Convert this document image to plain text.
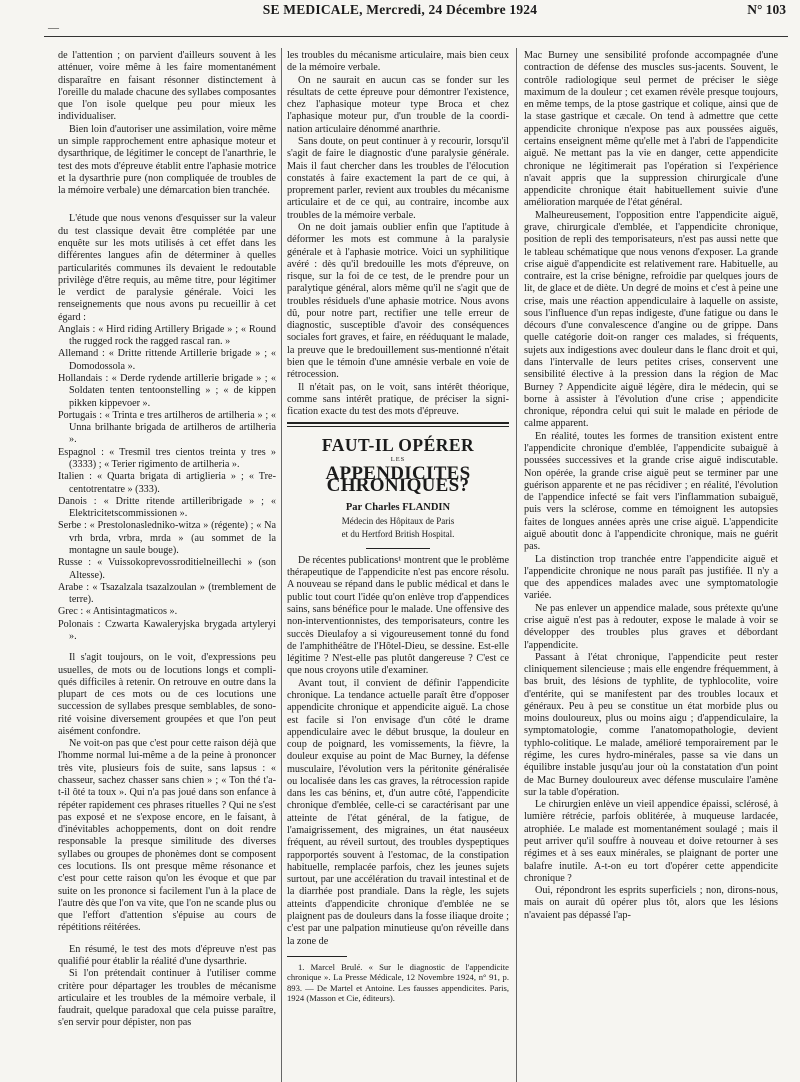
—
SE MEDICALE, Mercredi, 24 Décembre 1924	N° 103

de l'attention ; on parvient d'ailleurs souvent à les atténuer, voire même à les faire momentanément disparaître en faisant résonner distinctement à l'oreille du malade chacune des syllabes composantes que l'on isole quelque peu pour mieux les individualiser.

Bien loin d'autoriser une assimilation, voire même un simple rapprochement entre aphasique moteur et dysarthrique, de légitimer le concept de l'anarthrie, le test des mots d'épreuve établit entre l'aphasie motrice et la dysarthrie pure (non compliquée de troubles de la mémoire verbale) une démarcation bien tranchée.

L'étude que nous venons d'esquisser sur la valeur du test classique devait être complétée par une enquête sur les mots utilisés à cet effet dans les différentes langues afin de déterminer à quelles particularités communes ils devaient le redoutable privilège d'être requis, au même titre, pour légitimer le verdict de paralysie générale. Voici les renseignements que nous avons pu recueillir à cet égard :

Anglais : « Hird riding Artillery Brigade » ; « Round the rugged rock the ragged rascal ran. »

Allemand : « Dritte rittende Artillerie brigade » ; « Domodossola ».

Hollandais : « Derde rydende artillerie brigade » ; « Soldaten tenten tentoonstelling » ; « de kippen pikken kippevoer ».

Portugais : « Trinta e tres artilheros de artilheria » ; « Unna brilhante brigada de artilheros de artilheria ».

Espagnol : « Tresmil tres cientos treinta y tres » (3333) ; « Terier rigimento de artilheria ».

Italien : « Quarta brigata di artiglieria » ; « Trecentotrentatre » (333).

Danois : « Dritte ritende artilleribrigade » ; « Elektricitetscommissionen ».

Serbe : « Prestolonaslednikо-witza » (régente) ; « Na vrh brda, vrbra, mrda » (au sommet de la montagne un saule bouge).

Russe : « Vuissokoprevossroditielneillechi » (son Altesse).

Arabe : « Tsazalzala tsazalzoulan » (tremblement de terre).

Grec : « Antisintagmaticos ».

Polonais : Czwarta Kawaleryjska brygada artyleryi ».

Il s'agit toujours, on le voit, d'expressions peu usuelles, de mots ou de locutions longs et compliqués difficiles à retenir. On retrouve en outre dans la plupart de ces mots ou de ces locutions une succession de syllabes presque semblables, de sonorité voisine diversement groupées et que l'on peut aisément confondre.

Ne voit-on pas que c'est pour cette raison déjà que l'homme normal lui-même a de la peine à prononcer très vite, plusieurs fois de suite, sans lapsus : « chasseur, sachez chasser sans chien » ; « Ton thé t'a-t-il ôté ta toux ». Qui n'a pas joué dans son enfance à répéter rapidement ces phrases rituelles ? Qui ne s'est pas exposé et ne s'expose encore, en le faisant, à d'inévitables achoppements, dont on doit rendre responsable la presque similitude des diverses syllabes ou groupes de phonèmes dont se composent ces locutions. Ils ont presque même résonance et c'est pour cette raison qu'on les évoque et que par suite on les prononce si facilement l'un à la place de l'autre dès que l'on va vite, que l'on ne scande plus ou que l'effort d'attention s'épuise au cours de répétitions réitérées.

En résumé, le test des mots d'épreuve n'est pas qualifié pour établir la réalité d'une dysarthrie.

Si l'on prétendait continuer à l'utiliser comme critère pour départager les troubles de mécanisme articulaire et les troubles de la mémoire verbale, il faudrait, quelque paradoxal que cela puisse paraître, s'en servir pour dépister, non pas

les troubles du mécanisme articulaire, mais bien ceux de la mémoire verbale.

On ne saurait en aucun cas se fonder sur les résultats de cette épreuve pour démontrer l'existence, chez l'aphasique moteur type Broca et chez l'aphasique moteur pur, d'un trouble de la coordination articulaire dénommé anarthrie.

Sans doute, on peut continuer à y recourir, lorsqu'il s'agit de faire le diagnostic d'une paralysie générale. Mais il faut chercher dans les troubles de l'élocution constatés à faire exactement la part de ce qui, à proprement parler, revient aux troubles du mécanisme articulaire et de ce qui, au contraire, incombe aux troubles de la mémoire verbale.

On ne doit jamais oublier enfin que l'aptitude à déformer les mots est commune à la paralysie générale et à l'aphasie motrice. Voici un syphilitique avéré : dès qu'il bredouille les mots d'épreuve, on risque, sur la foi de ce test, de le prendre pour un paralytique général, alors même qu'il ne s'agit que de troubles résiduels d'une aphasie motrice. Nous avons dû, pour notre part, rectifier une telle erreur de diagnostic, susceptible d'avoir des conséquences sociales fort graves, et faire, en rééduquant le malade, la preuve que le bredouillement sus-mentionné n'était bien que le témoin d'une amnésie verbale en voie de rétrocession.

Il n'était pas, on le voit, sans intérêt théorique, comme sans intérêt pratique, de préciser la signification exacte du test des mots d'épreuve.

FAUT-IL OPÉRER

LES

APPENDICITES CHRONIQUES?

Par Charles FLANDIN

Médecin des Hôpitaux de Paris

et du Hertford British Hospital.

De récentes publications¹ montrent que le problème thérapeutique de l'appendicite n'est pas encore résolu. A nouveau se répand dans le public médical et dans le public tout court l'idée qu'on enlève trop d'appendices sains, sans bénéfice pour le malade. Une offensive des non-interventionnistes, des temporisateurs, contre les succès Dieulafoy a si vigoureusement tonné du fond de l'amphithéâtre de l'Hôtel-Dieu, se dessine. Est-elle légitime ? N'est-elle pas plutôt dangereuse ? C'est ce que nous croyons utile d'examiner.

Avant tout, il convient de définir l'appendicite chronique. La tendance actuelle paraît être d'opposer appendicite chronique et appendicite aiguë. La chose est facile si l'on envisage d'un côté le drame appendiculaire avec le début brusque, la douleur en coup de poignard, les vomissements, la fièvre, la douleur exquise au point de Mac Burney, la défense musculaire, l'évolution vers la péritonite généralisée ou localisée dans les cas graves, la rétrocession rapide dans les cas bénins, et, d'un autre côté, l'appendicite chronique d'emblée, celle-ci se caractérisant par une atteinte de l'état général, de la fatigue, de l'amaigrissement, des migraines, un état nauséeux fréquent, au réveil surtout, des troubles dyspeptiques rapporportés souvent à l'estomac, de la constipation habituelle, remplacée parfois, chez les jeunes sujets surtout, par une accélération du travail intestinal et de la diarrhée post prandiale. Dans la règle, les sujets atteints d'appendicite chronique d'emblée ne se plaignent pas de douleurs dans la fosse iliaque droite ; c'est par une palpation minutieuse qu'on réveille dans la zone de

1. Marcel Brulé. « Sur le diagnostic de l'appendicite chronique ». La Presse Médicale, 12 Novembre 1924, n° 91, p. 893. — De Martel et Antoine. Les fausses appendicites. Paris, 1924 (Masson et Cie, éditeurs).

Mac Burney une sensibilité profonde accompagnée d'une contraction de défense des muscles sus-jacents. Souvent, le contrôle radiologique seul permet de préciser le siège maximum de la douleur ; cet examen révèle presque toujours, en même temps, de la ptose gastrique et colique, ainsi que de la stase gastrique et cæcale. On tend à admettre que cette appendicite chronique n'expose pas aux poussées aiguës, certains enseignent même qu'elle met à l'abri de l'appendicite aiguë. Ne mettant pas la vie en danger, cette appendicite chronique ne légitimerait pas l'opération si l'expérience n'avait appris que la suppression chirurgicale d'une appendicite chronique était habituellement suivie d'une amélioration marquée de l'état général.

Malheureusement, l'opposition entre l'appendicite aiguë, grave, chirurgicale d'emblée, et l'appendicite chronique, position de repli des temporisateurs, n'est pas aussi nette que le tableau schématique que nous venons d'exposer. La grande crise aiguë d'appendicite est relativement rare. Habituelle, au contraire, est la crise bénigne, refroidie par quelques jours de lit, de glace et de diète. Un degré de moins et c'est à peine une crise, mais une réaction appendiculaire à laquelle on assiste, sous l'influence d'un repas indigeste, d'une fatigue ou dans le décours d'une convalescence d'angine ou de grippe. Dans quelle catégorie doit-on ranger ces malades, si fréquents, sujets aux indigestions avec douleur dans le flanc droit et qui, dans l'intervalle de leurs petites crises, conservent une sensibilité élective à la pression dans la région de Mac Burney ? Appendicite aiguë légère, dira le médecin, qui se borne à assister à l'évolution d'une crise ; appendicite chronique, répondra celui qui suit le malade en période de calme apparent.

En réalité, toutes les formes de transition existent entre l'appendicite chronique d'emblée, l'appendicite subaiguë à poussées successives et la grande crise aiguë indiscutable. Non opérée, la grande crise aiguë peut se terminer par une guérison apparente et ne pas récidiver ; en réalité, l'évolution de l'appendice infecté se fait vers l'inflammation subaiguë, puis vers la sclérose, comme en témoignent les autopsies faites de longues années après une crise aiguë. L'appendicite aiguë aboutit donc à l'appendicite chronique, mais ne guérit pas.

La distinction trop tranchée entre l'appendicite aiguë et l'appendicite chronique ne nous paraît pas justifiée. Il n'y a que des appendices malades avec une symptomatologie variée.

Ne pas enlever un appendice malade, sous prétexte qu'une crise aiguë n'est pas à redouter, expose le malade à voir se développer des troubles plus graves et débordant l'appendicite.

Passant à l'état chronique, l'appendicite peut rester cliniquement silencieuse ; mais elle engendre fréquemment, à bas bruit, des lésions de typhlite, de typhlocolite, voire d'entérite, qui se manifestent par des troubles locaux et généraux. Peu à peu se constitue un état morbide plus ou moins douloureux, plus ou moins aigu ; d'appendiculaire, la symptomatologie, comme l'anatomopathologie, devient typhlo-colitique. Le malade, amélioré temporairement par le régime, les cures hydro-minérales, passe sa vie dans un équilibre instable jusqu'au jour où la constatation d'un point de Mac Burney douloureux avec défense musculaire l'amène sur la table d'opération.

Le chirurgien enlève un vieil appendice épaissi, sclérosé, à lumière rétrécie, parfois oblitérée, à muqueuse lardacée, atrophiée. Le malade est momentanément soulagé ; mais il peut arriver qu'il souffre à nouveau et doive retourner à ses régimes et à ses eaux minérales, se plaignant de porter une balafre inutile. A-t-on eu tort d'opérer cette appendicite chronique ?

Oui, répondront les esprits superficiels ; non, dirons-nous, mais on aurait dû opérer plus tôt, alors que les lésions n'avaient pas dépassé l'ap-
